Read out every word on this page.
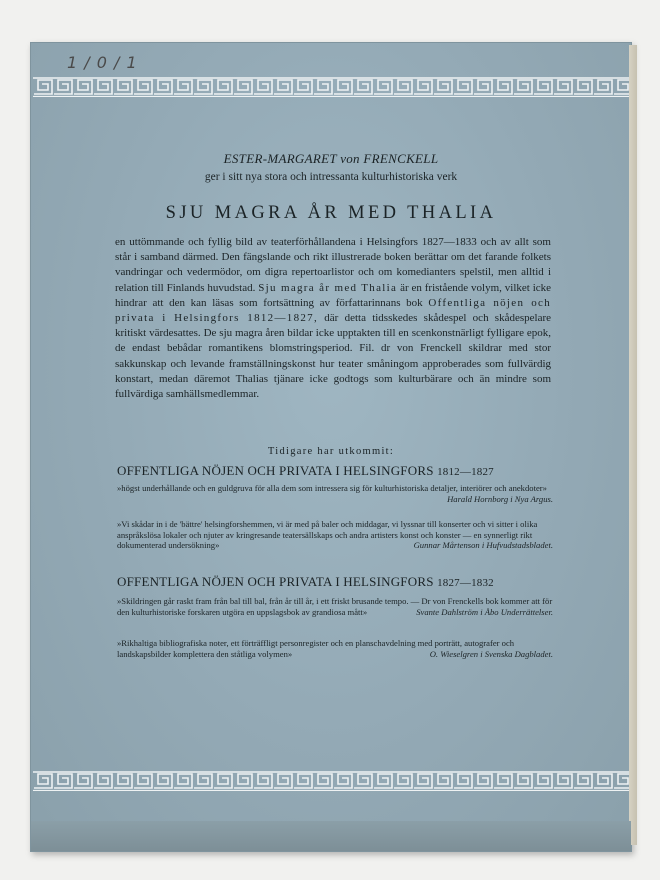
1 / 0 / 1
ESTER-MARGARET von FRENCKELL
ger i sitt nya stora och intressanta kulturhistoriska verk
SJU MAGRA ÅR MED THALIA

en uttömmande och fyllig bild av teaterförhållandena i Helsingfors 1827—1833 och av allt som står i samband därmed. Den fängslande och rikt illustrerade boken berättar om det farande folkets vandringar och vedermödor, om digra repertoarlistor och om komedianters spelstil, men alltid i relation till Finlands huvudstad. Sju magra år med Thalia är en fristående volym, vilket icke hindrar att den kan läsas som fortsättning av författarinnans bok Offentliga nöjen och privata i Helsingfors 1812—1827, där detta tidsskedes skådespel och skådespelare kritiskt värdesattes. De sju magra åren bildar icke upptakten till en scenkonstnärligt fylligare epok, de endast bebådar romantikens blomstringsperiod. Fil. dr von Frenckell skildrar med stor sakkunskap och levande framställningskonst hur teater småningom approberades som fullvärdig konstart, medan däremot Thalias tjänare icke godtogs som kulturbärare och än mindre som fullvärdiga samhällsmedlemmar.

Tidigare har utkommit:
OFFENTLIGA NÖJEN OCH PRIVATA I HELSINGFORS 1812—1827
»högst underhållande och en guldgruva för alla dem som intressera sig för kulturhistoriska detaljer, interiörer och anekdoter»
Harald Hornborg i Nya Argus.
»Vi skådar in i de 'bättre' helsingforshemmen, vi är med på baler och middagar, vi lyssnar till konserter och vi sitter i olika anspråkslösa lokaler och njuter av kringresande teatersällskaps och andra artisters konst och konster — en synnerligt rikt dokumenterad undersökning»	Gunnar Mårtenson i Hufvudstadsbladet.
OFFENTLIGA NÖJEN OCH PRIVATA I HELSINGFORS 1827—1832
»Skildringen går raskt fram från bal till bal, från år till år, i ett friskt brusande tempo. — Dr von Frenckells bok kommer att för den kulturhistoriske forskaren utgöra en uppslagsbok av grandiosa mått»	Svante Dahlström i Åbo Underrättelser.
»Rikhaltiga bibliografiska noter, ett förträffligt personregister och en planschavdelning med porträtt, autografer och landskapsbilder komplettera den ståtliga volymen»	O. Wieselgren i Svenska Dagbladet.
